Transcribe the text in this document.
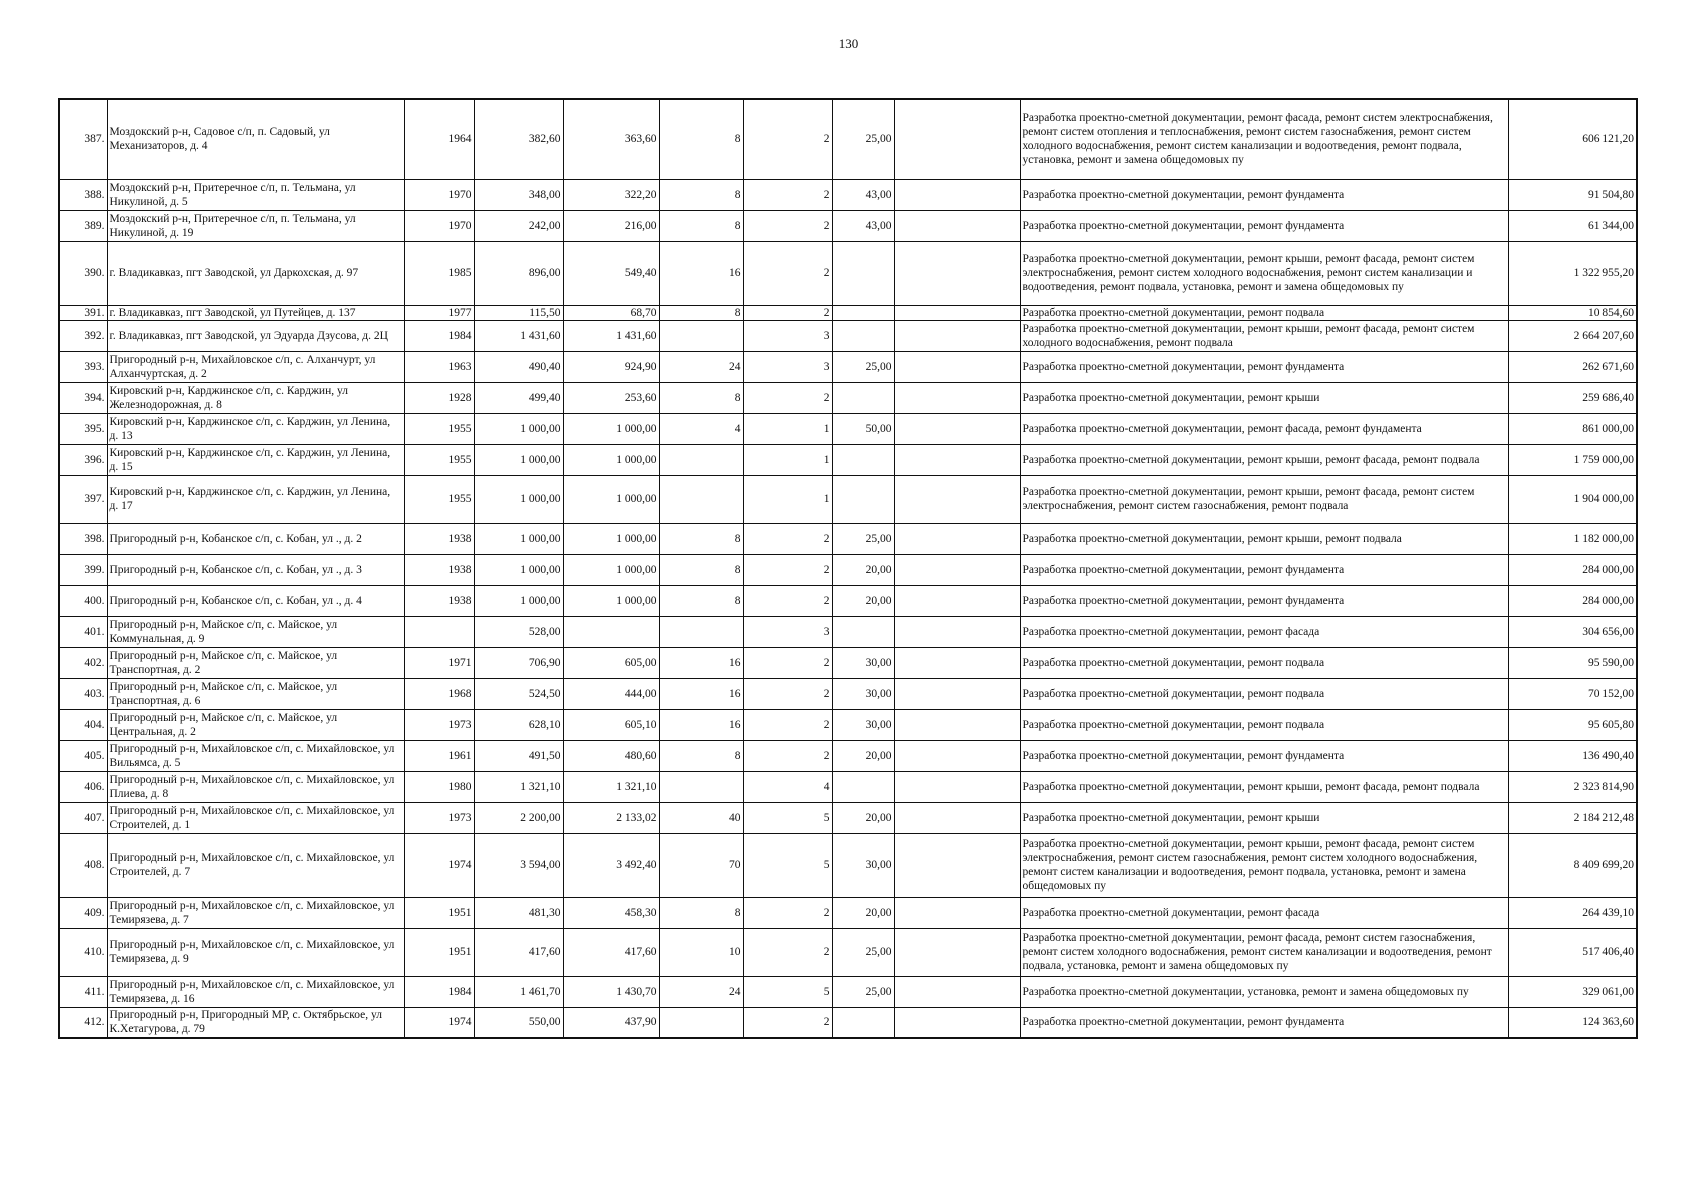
130
387.	Моздокский р-н, Садовое с/п, п. Садовый, ул Механизаторов, д. 4	1964	382,60	363,60	8	2	25,00		Разработка проектно-сметной документации, ремонт фасада, ремонт систем электроснабжения, ремонт систем отопления и теплоснабжения, ремонт систем газоснабжения, ремонт систем холодного водоснабжения, ремонт систем канализации и водоотведения, ремонт подвала, установка, ремонт и замена общедомовых пу	606 121,20
388.	Моздокский р-н, Притеречное с/п, п. Тельмана, ул Никулиной, д. 5	1970	348,00	322,20	8	2	43,00		Разработка проектно-сметной документации, ремонт фундамента	91 504,80
389.	Моздокский р-н, Притеречное с/п, п. Тельмана, ул Никулиной, д. 19	1970	242,00	216,00	8	2	43,00		Разработка проектно-сметной документации, ремонт фундамента	61 344,00
390.	г. Владикавказ, пгт Заводской, ул Даркохская, д. 97	1985	896,00	549,40	16	2			Разработка проектно-сметной документации, ремонт крыши, ремонт фасада, ремонт систем электроснабжения, ремонт систем холодного водоснабжения, ремонт систем канализации и водоотведения, ремонт подвала, установка, ремонт и замена общедомовых пу	1 322 955,20
391.	г. Владикавказ, пгт Заводской, ул Путейцев, д. 137	1977	115,50	68,70	8	2			Разработка проектно-сметной документации, ремонт подвала	10 854,60
392.	г. Владикавказ, пгт Заводской, ул Эдуарда Дзусова, д. 2Ц	1984	1 431,60	1 431,60		3			Разработка проектно-сметной документации, ремонт крыши, ремонт фасада, ремонт систем холодного водоснабжения, ремонт подвала	2 664 207,60
393.	Пригородный р-н, Михайловское с/п, с. Алханчурт, ул Алханчуртская, д. 2	1963	490,40	924,90	24	3	25,00		Разработка проектно-сметной документации, ремонт фундамента	262 671,60
394.	Кировский р-н, Карджинское с/п, с. Карджин, ул Железнодорожная, д. 8	1928	499,40	253,60	8	2			Разработка проектно-сметной документации, ремонт крыши	259 686,40
395.	Кировский р-н, Карджинское с/п, с. Карджин, ул Ленина, д. 13	1955	1 000,00	1 000,00	4	1	50,00		Разработка проектно-сметной документации, ремонт фасада, ремонт фундамента	861 000,00
396.	Кировский р-н, Карджинское с/п, с. Карджин, ул Ленина, д. 15	1955	1 000,00	1 000,00		1			Разработка проектно-сметной документации, ремонт крыши, ремонт фасада, ремонт подвала	1 759 000,00
397.	Кировский р-н, Карджинское с/п, с. Карджин, ул Ленина, д. 17	1955	1 000,00	1 000,00		1			Разработка проектно-сметной документации, ремонт крыши, ремонт фасада, ремонт систем электроснабжения, ремонт систем газоснабжения, ремонт подвала	1 904 000,00
398.	Пригородный р-н, Кобанское с/п, с. Кобан, ул ., д. 2	1938	1 000,00	1 000,00	8	2	25,00		Разработка проектно-сметной документации, ремонт крыши, ремонт подвала	1 182 000,00
399.	Пригородный р-н, Кобанское с/п, с. Кобан, ул ., д. 3	1938	1 000,00	1 000,00	8	2	20,00		Разработка проектно-сметной документации, ремонт фундамента	284 000,00
400.	Пригородный р-н, Кобанское с/п, с. Кобан, ул ., д. 4	1938	1 000,00	1 000,00	8	2	20,00		Разработка проектно-сметной документации, ремонт фундамента	284 000,00
401.	Пригородный р-н, Майское с/п, с. Майское, ул Коммунальная, д. 9		528,00			3			Разработка проектно-сметной документации, ремонт фасада	304 656,00
402.	Пригородный р-н, Майское с/п, с. Майское, ул Транспортная, д. 2	1971	706,90	605,00	16	2	30,00		Разработка проектно-сметной документации, ремонт подвала	95 590,00
403.	Пригородный р-н, Майское с/п, с. Майское, ул Транспортная, д. 6	1968	524,50	444,00	16	2	30,00		Разработка проектно-сметной документации, ремонт подвала	70 152,00
404.	Пригородный р-н, Майское с/п, с. Майское, ул Центральная, д. 2	1973	628,10	605,10	16	2	30,00		Разработка проектно-сметной документации, ремонт подвала	95 605,80
405.	Пригородный р-н, Михайловское с/п, с. Михайловское, ул Вильямса, д. 5	1961	491,50	480,60	8	2	20,00		Разработка проектно-сметной документации, ремонт фундамента	136 490,40
406.	Пригородный р-н, Михайловское с/п, с. Михайловское, ул Плиева, д. 8	1980	1 321,10	1 321,10		4			Разработка проектно-сметной документации, ремонт крыши, ремонт фасада, ремонт подвала	2 323 814,90
407.	Пригородный р-н, Михайловское с/п, с. Михайловское, ул Строителей, д. 1	1973	2 200,00	2 133,02	40	5	20,00		Разработка проектно-сметной документации, ремонт крыши	2 184 212,48
408.	Пригородный р-н, Михайловское с/п, с. Михайловское, ул Строителей, д. 7	1974	3 594,00	3 492,40	70	5	30,00		Разработка проектно-сметной документации, ремонт крыши, ремонт фасада, ремонт систем электроснабжения, ремонт систем газоснабжения, ремонт систем холодного водоснабжения, ремонт систем канализации и водоотведения, ремонт подвала, установка, ремонт и замена общедомовых пу	8 409 699,20
409.	Пригородный р-н, Михайловское с/п, с. Михайловское, ул Темирязева, д. 7	1951	481,30	458,30	8	2	20,00		Разработка проектно-сметной документации, ремонт фасада	264 439,10
410.	Пригородный р-н, Михайловское с/п, с. Михайловское, ул Темирязева, д. 9	1951	417,60	417,60	10	2	25,00		Разработка проектно-сметной документации, ремонт фасада, ремонт систем газоснабжения, ремонт систем холодного водоснабжения, ремонт систем канализации и водоотведения, ремонт подвала, установка, ремонт и замена общедомовых пу	517 406,40
411.	Пригородный р-н, Михайловское с/п, с. Михайловское, ул Темирязева, д. 16	1984	1 461,70	1 430,70	24	5	25,00		Разработка проектно-сметной документации, установка, ремонт и замена общедомовых пу	329 061,00
412.	Пригородный р-н, Пригородный МР, с. Октябрьское, ул К.Хетагурова, д. 79	1974	550,00	437,90		2			Разработка проектно-сметной документации, ремонт фундамента	124 363,60
